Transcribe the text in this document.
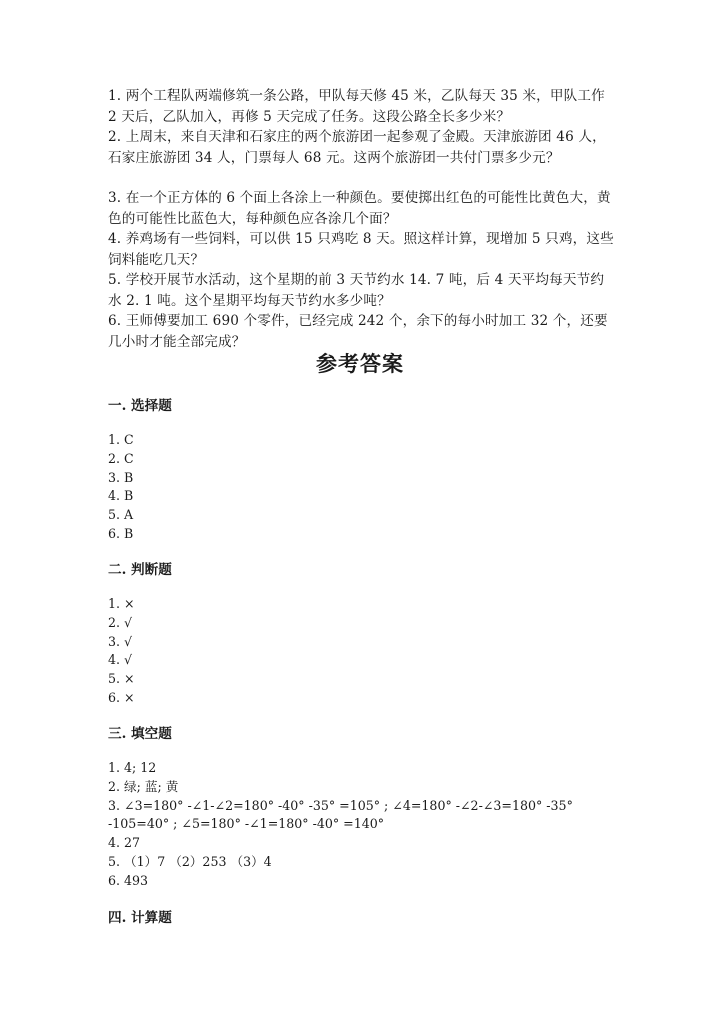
1. 两个工程队两端修筑一条公路，甲队每天修 45 米，乙队每天 35 米，甲队工作 2 天后，乙队加入，再修 5 天完成了任务。这段公路全长多少米？

2. 上周末，来自天津和石家庄的两个旅游团一起参观了金殿。天津旅游团 46 人，石家庄旅游团 34 人，门票每人 68 元。这两个旅游团一共付门票多少元？

3. 在一个正方体的 6 个面上各涂上一种颜色。要使掷出红色的可能性比黄色大，黄色的可能性比蓝色大，每种颜色应各涂几个面？

4. 养鸡场有一些饲料，可以供 15 只鸡吃 8 天。照这样计算，现增加 5 只鸡，这些饲料能吃几天？

5. 学校开展节水活动，这个星期的前 3 天节约水 14. 7 吨，后 4 天平均每天节约水 2. 1 吨。这个星期平均每天节约水多少吨？

6. 王师傅要加工 690 个零件，已经完成 242 个，余下的每小时加工 32 个，还要几小时才能全部完成？

参考答案

一. 选择题

1. C

2. C

3. B

4. B

5. A

6. B

二. 判断题

1. ×

2. √

3. √

4. √

5. ×

6. ×

三. 填空题

1. 4; 12

2. 绿; 蓝; 黄

3. ∠3=180° -∠1-∠2=180° -40° -35° =105° ; ∠4=180° -∠2-∠3=180° -35° -105=40° ; ∠5=180° -∠1=180° -40° =140°

4. 27

5. （1）7 （2）253 （3）4

6. 493

四. 计算题
